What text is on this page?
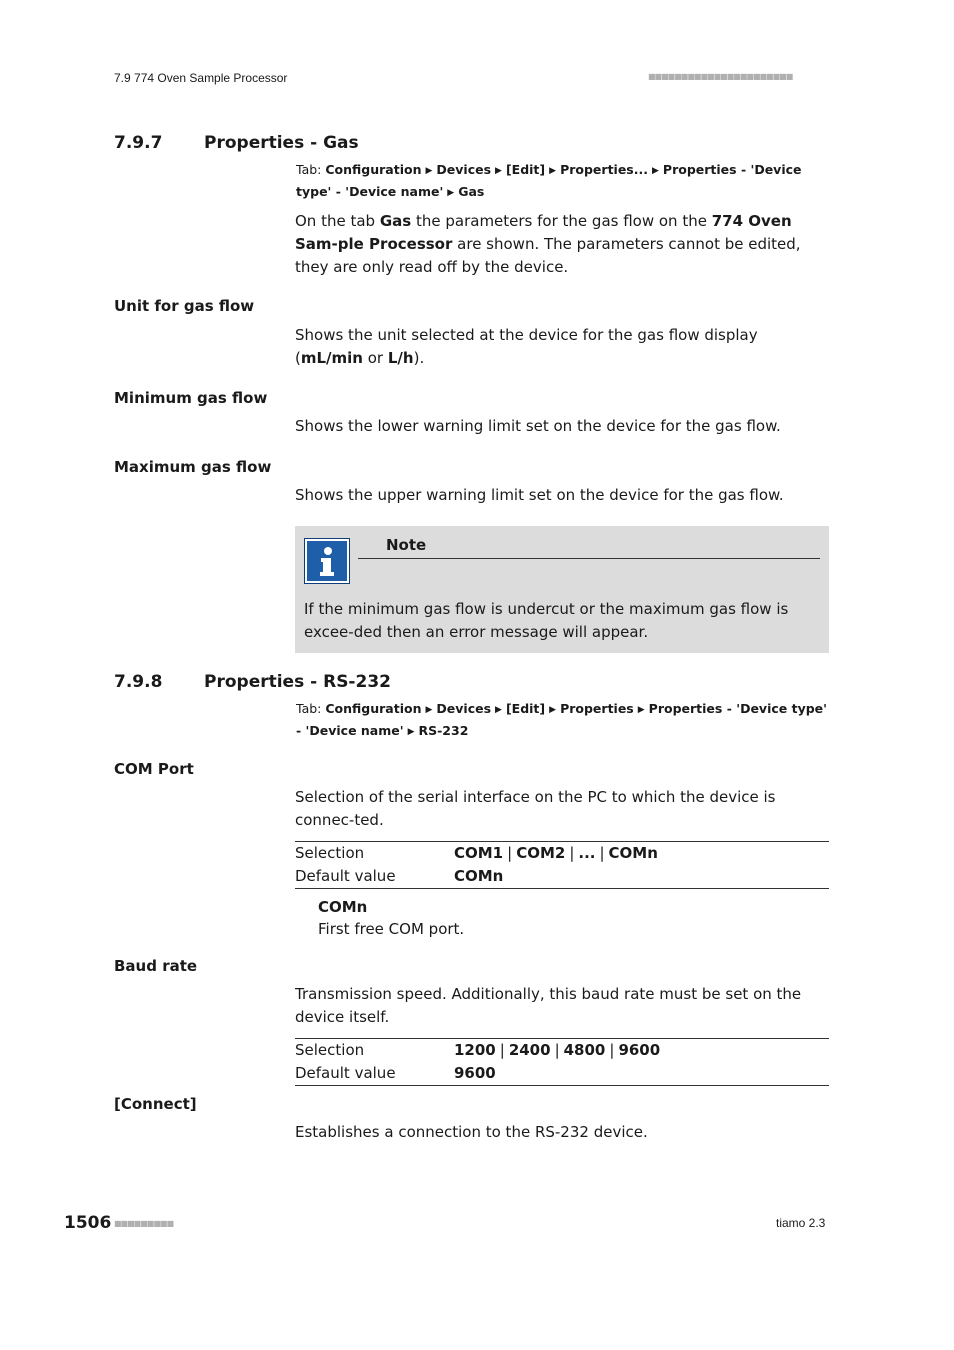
7.9 774 Oven Sample Processor	■■■■■■■■■■■■■■■■■■■■■■
7.9.7 Properties - Gas
Tab: Configuration ▶ Devices ▶ [Edit] ▶ Properties... ▶ Properties - 'Device type' - 'Device name' ▶ Gas
On the tab Gas the parameters for the gas flow on the 774 Oven Sam-ple Processor are shown. The parameters cannot be edited, they are only read off by the device.
Unit for gas flow
Shows the unit selected at the device for the gas flow display (mL/min or L/h).
Minimum gas flow
Shows the lower warning limit set on the device for the gas flow.
Maximum gas flow
Shows the upper warning limit set on the device for the gas flow.
Note
If the minimum gas flow is undercut or the maximum gas flow is excee-ded then an error message will appear.
7.9.8 Properties - RS-232
Tab: Configuration ▶ Devices ▶ [Edit] ▶ Properties ▶ Properties - 'Device type' - 'Device name' ▶ RS-232
COM Port
Selection of the serial interface on the PC to which the device is connec-ted.
Selection	COM1 | COM2 | ... | COMn
Default value	COMn
COMn
First free COM port.
Baud rate
Transmission speed. Additionally, this baud rate must be set on the device itself.
Selection	1200 | 2400 | 4800 | 9600
Default value	9600
[Connect]
Establishes a connection to the RS-232 device.
1506 ■■■■■■■■■	tiamo 2.3
